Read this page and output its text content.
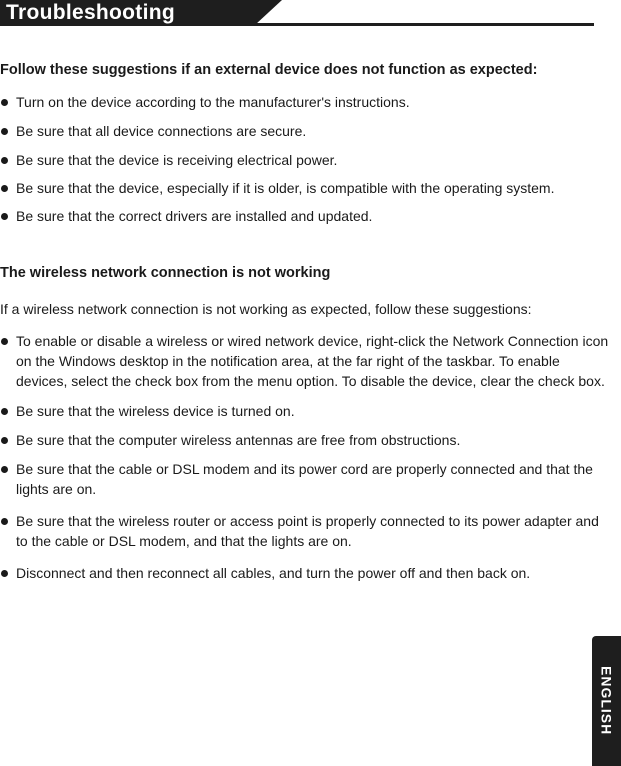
Troubleshooting
Follow these suggestions if an external device does not function as expected:
Turn on the device according to the manufacturer's instructions.
Be sure that all device connections are secure.
Be sure that the device is receiving electrical power.
Be sure that the device, especially if it is older, is compatible with the operating system.
Be sure that the correct drivers are installed and updated.
The wireless network connection is not working
If a wireless network connection is not working as expected, follow these suggestions:
To enable or disable a wireless or wired network device, right-click the Network Connection icon on the Windows desktop in the notification area, at the far right of the taskbar. To enable devices, select the check box from the menu option. To disable the device, clear the check box.
Be sure that the wireless device is turned on.
Be sure that the computer wireless antennas are free from obstructions.
Be sure that the cable or DSL modem and its power cord are properly connected and that the lights are on.
Be sure that the wireless router or access point is properly connected to its power adapter and to the cable or DSL modem, and that the lights are on.
Disconnect and then reconnect all cables, and turn the power off and then back on.
ENGLISH
